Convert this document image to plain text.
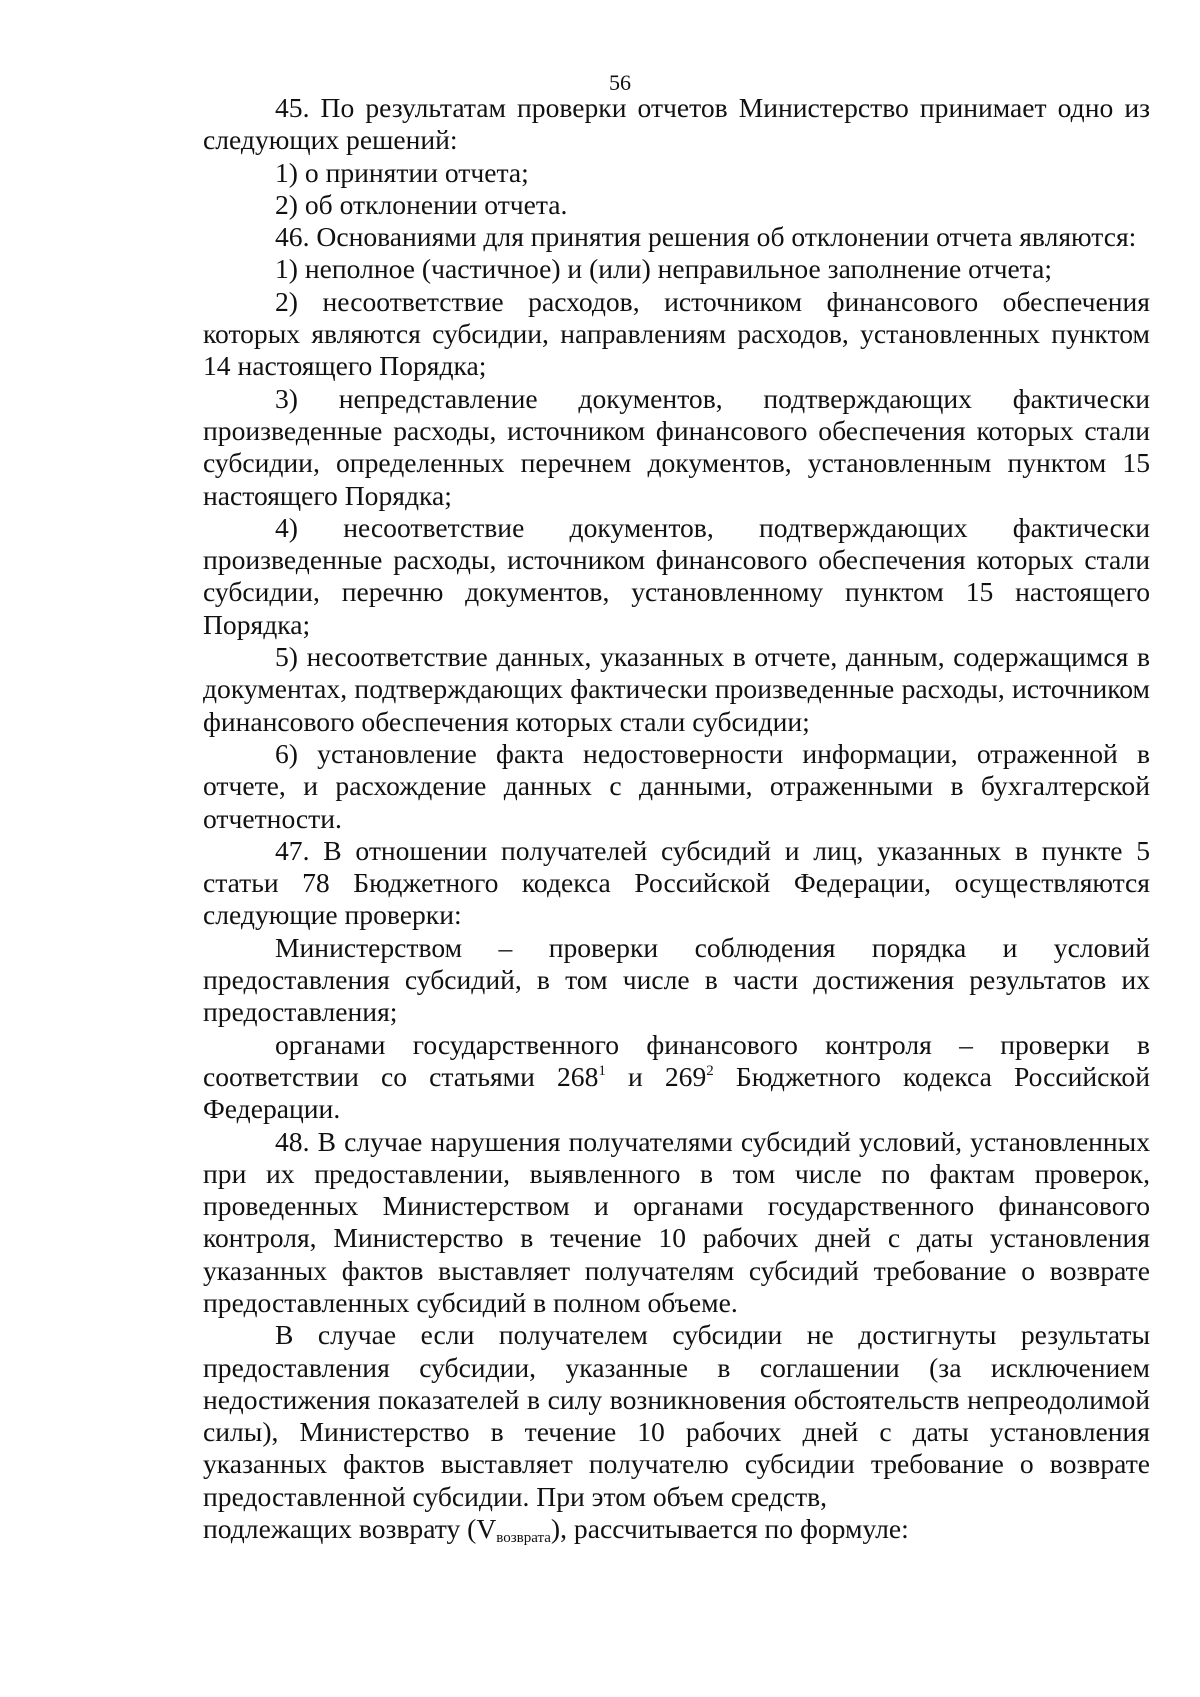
56

45. По результатам проверки отчетов Министерство принимает одно из следующих решений:

1) о принятии отчета;

2) об отклонении отчета.

46. Основаниями для принятия решения об отклонении отчета являются:

1) неполное (частичное) и (или) неправильное заполнение отчета;

2) несоответствие расходов, источником финансового обеспечения которых являются субсидии, направлениям расходов, установленных пунктом 14 настоящего Порядка;

3) непредставление документов, подтверждающих фактически произведенные расходы, источником финансового обеспечения которых стали субсидии, определенных перечнем документов, установленным пунктом 15 настоящего Порядка;

4) несоответствие документов, подтверждающих фактически произведенные расходы, источником финансового обеспечения которых стали субсидии, перечню документов, установленному пунктом 15 настоящего Порядка;

5) несоответствие данных, указанных в отчете, данным, содержащимся в документах, подтверждающих фактически произведенные расходы, источником финансового обеспечения которых стали субсидии;

6) установление факта недостоверности информации, отраженной в отчете, и расхождение данных с данными, отраженными в бухгалтерской отчетности.

47. В отношении получателей субсидий и лиц, указанных в пункте 5 статьи 78 Бюджетного кодекса Российской Федерации, осуществляются следующие проверки:

Министерством – проверки соблюдения порядка и условий предоставления субсидий, в том числе в части достижения результатов их предоставления;

органами государственного финансового контроля – проверки в соответствии со статьями $268^1$ и $269^2$ Бюджетного кодекса Российской Федерации.

48. В случае нарушения получателями субсидий условий, установленных при их предоставлении, выявленного в том числе по фактам проверок, проведенных Министерством и органами государственного финансового контроля, Министерство в течение 10 рабочих дней с даты установления указанных фактов выставляет получателям субсидий требование о возврате предоставленных субсидий в полном объеме.

В случае если получателем субсидии не достигнуты результаты предоставления субсидии, указанные в соглашении (за исключением недостижения показателей в силу возникновения обстоятельств непреодолимой силы), Министерство в течение 10 рабочих дней с даты установления указанных фактов выставляет получателю субсидии требование о возврате предоставленной субсидии. При этом объем средств,

подлежащих возврату $(V_{возврата})$, рассчитывается по формуле:
